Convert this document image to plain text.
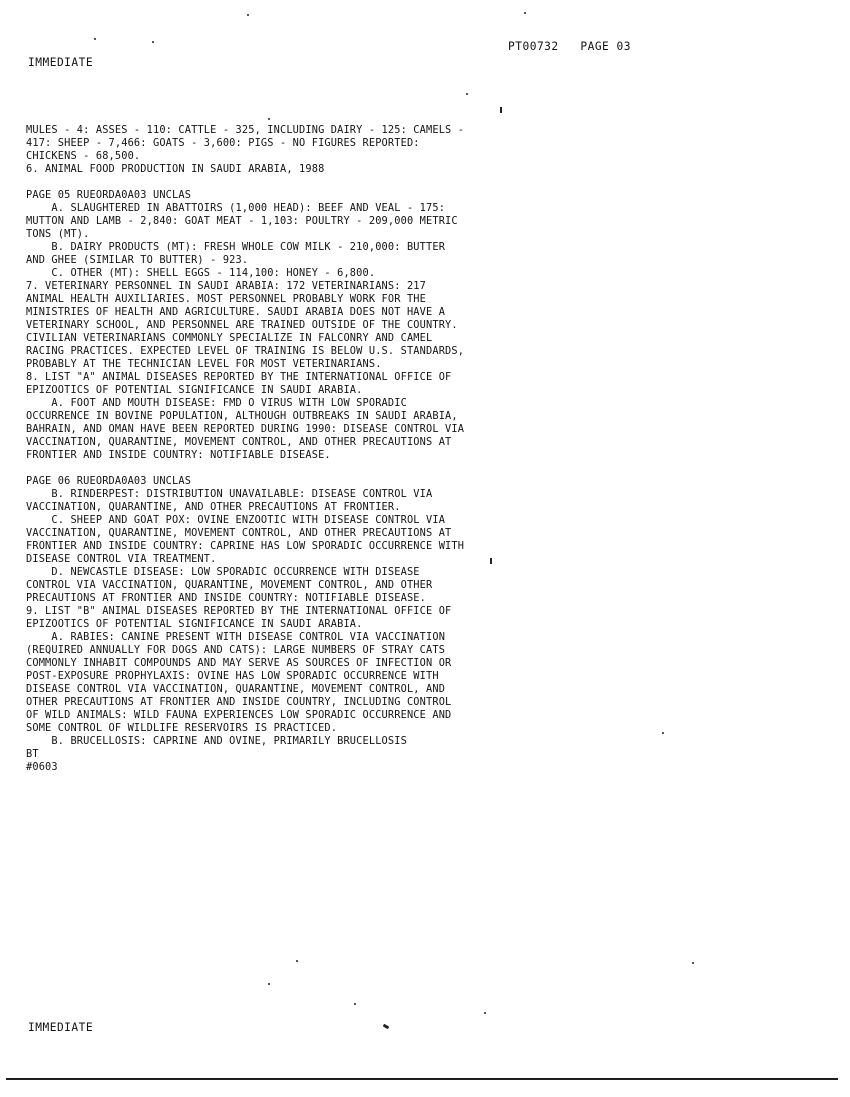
PT00732   PAGE 03
IMMEDIATE
MULES - 4: ASSES - 110: CATTLE - 325, INCLUDING DAIRY - 125: CAMELS -
417: SHEEP - 7,466: GOATS - 3,600: PIGS - NO FIGURES REPORTED:
CHICKENS - 68,500.
6. ANIMAL FOOD PRODUCTION IN SAUDI ARABIA, 1988
PAGE 05 RUEORDA0A03 UNCLAS
A. SLAUGHTERED IN ABATTOIRS (1,000 HEAD): BEEF AND VEAL - 175:
MUTTON AND LAMB - 2,840: GOAT MEAT - 1,103: POULTRY - 209,000 METRIC
TONS (MT).
B. DAIRY PRODUCTS (MT): FRESH WHOLE COW MILK - 210,000: BUTTER
AND GHEE (SIMILAR TO BUTTER) - 923.
C. OTHER (MT): SHELL EGGS - 114,100: HONEY - 6,800.
7. VETERINARY PERSONNEL IN SAUDI ARABIA: 172 VETERINARIANS: 217
ANIMAL HEALTH AUXILIARIES. MOST PERSONNEL PROBABLY WORK FOR THE
MINISTRIES OF HEALTH AND AGRICULTURE. SAUDI ARABIA DOES NOT HAVE A
VETERINARY SCHOOL, AND PERSONNEL ARE TRAINED OUTSIDE OF THE COUNTRY.
CIVILIAN VETERINARIANS COMMONLY SPECIALIZE IN FALCONRY AND CAMEL
RACING PRACTICES. EXPECTED LEVEL OF TRAINING IS BELOW U.S. STANDARDS,
PROBABLY AT THE TECHNICIAN LEVEL FOR MOST VETERINARIANS.
8. LIST "A" ANIMAL DISEASES REPORTED BY THE INTERNATIONAL OFFICE OF
EPIZOOTICS OF POTENTIAL SIGNIFICANCE IN SAUDI ARABIA.
A. FOOT AND MOUTH DISEASE: FMD O VIRUS WITH LOW SPORADIC
OCCURRENCE IN BOVINE POPULATION, ALTHOUGH OUTBREAKS IN SAUDI ARABIA,
BAHRAIN, AND OMAN HAVE BEEN REPORTED DURING 1990: DISEASE CONTROL VIA
VACCINATION, QUARANTINE, MOVEMENT CONTROL, AND OTHER PRECAUTIONS AT
FRONTIER AND INSIDE COUNTRY: NOTIFIABLE DISEASE.
PAGE 06 RUEORDA0A03 UNCLAS
B. RINDERPEST: DISTRIBUTION UNAVAILABLE: DISEASE CONTROL VIA
VACCINATION, QUARANTINE, AND OTHER PRECAUTIONS AT FRONTIER.
C. SHEEP AND GOAT POX: OVINE ENZOOTIC WITH DISEASE CONTROL VIA
VACCINATION, QUARANTINE, MOVEMENT CONTROL, AND OTHER PRECAUTIONS AT
FRONTIER AND INSIDE COUNTRY: CAPRINE HAS LOW SPORADIC OCCURRENCE WITH
DISEASE CONTROL VIA TREATMENT.
D. NEWCASTLE DISEASE: LOW SPORADIC OCCURRENCE WITH DISEASE
CONTROL VIA VACCINATION, QUARANTINE, MOVEMENT CONTROL, AND OTHER
PRECAUTIONS AT FRONTIER AND INSIDE COUNTRY: NOTIFIABLE DISEASE.
9. LIST "B" ANIMAL DISEASES REPORTED BY THE INTERNATIONAL OFFICE OF
EPIZOOTICS OF POTENTIAL SIGNIFICANCE IN SAUDI ARABIA.
A. RABIES: CANINE PRESENT WITH DISEASE CONTROL VIA VACCINATION
(REQUIRED ANNUALLY FOR DOGS AND CATS): LARGE NUMBERS OF STRAY CATS
COMMONLY INHABIT COMPOUNDS AND MAY SERVE AS SOURCES OF INFECTION OR
POST-EXPOSURE PROPHYLAXIS: OVINE HAS LOW SPORADIC OCCURRENCE WITH
DISEASE CONTROL VIA VACCINATION, QUARANTINE, MOVEMENT CONTROL, AND
OTHER PRECAUTIONS AT FRONTIER AND INSIDE COUNTRY, INCLUDING CONTROL
OF WILD ANIMALS: WILD FAUNA EXPERIENCES LOW SPORADIC OCCURRENCE AND
SOME CONTROL OF WILDLIFE RESERVOIRS IS PRACTICED.
B. BRUCELLOSIS: CAPRINE AND OVINE, PRIMARILY BRUCELLOSIS
BT
#0603
IMMEDIATE
